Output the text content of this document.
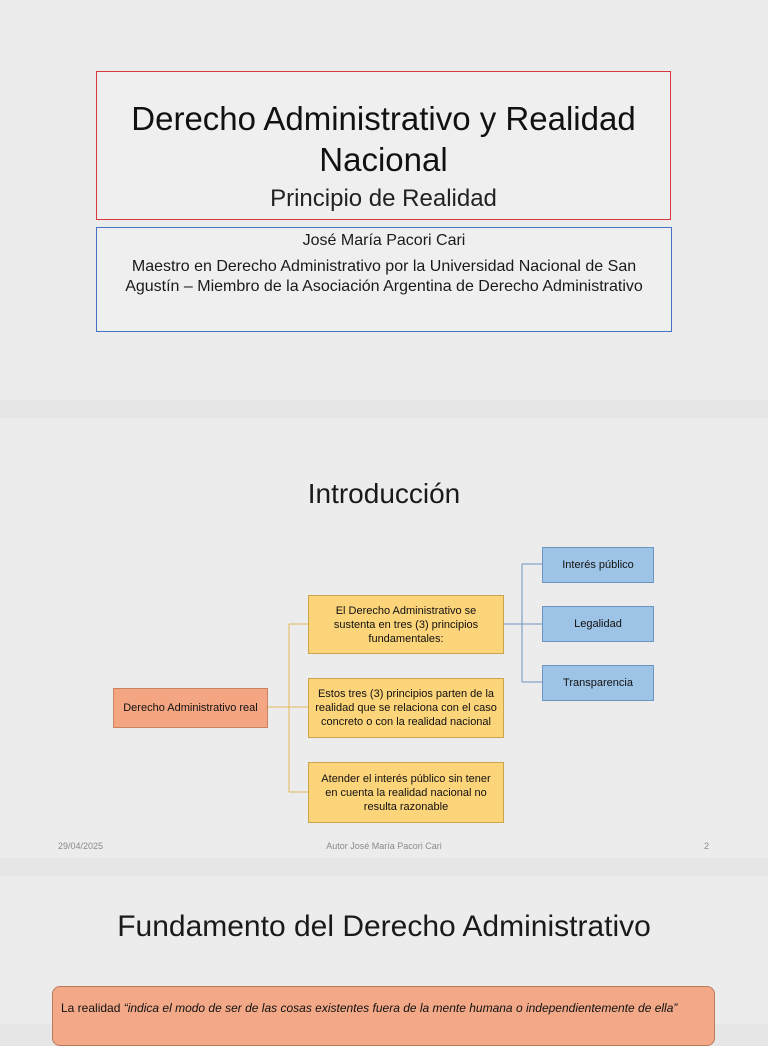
Derecho Administrativo y Realidad Nacional
Principio de Realidad
José María Pacori Cari
Maestro en Derecho Administrativo por la Universidad Nacional de San Agustín – Miembro de la Asociación Argentina de Derecho Administrativo
Introducción
Derecho Administrativo real
El Derecho Administrativo se sustenta en tres (3) principios fundamentales:
Estos tres (3) principios parten de la realidad que se relaciona con el caso concreto o con la realidad nacional
Atender el interés público sin tener en cuenta la realidad nacional no resulta razonable
Interés público
Legalidad
Transparencia
29/04/2025	Autor José María Pacori Cari	2
Fundamento del Derecho Administrativo
La realidad “indica el modo de ser de las cosas existentes fuera de la mente humana o independientemente de ella”
